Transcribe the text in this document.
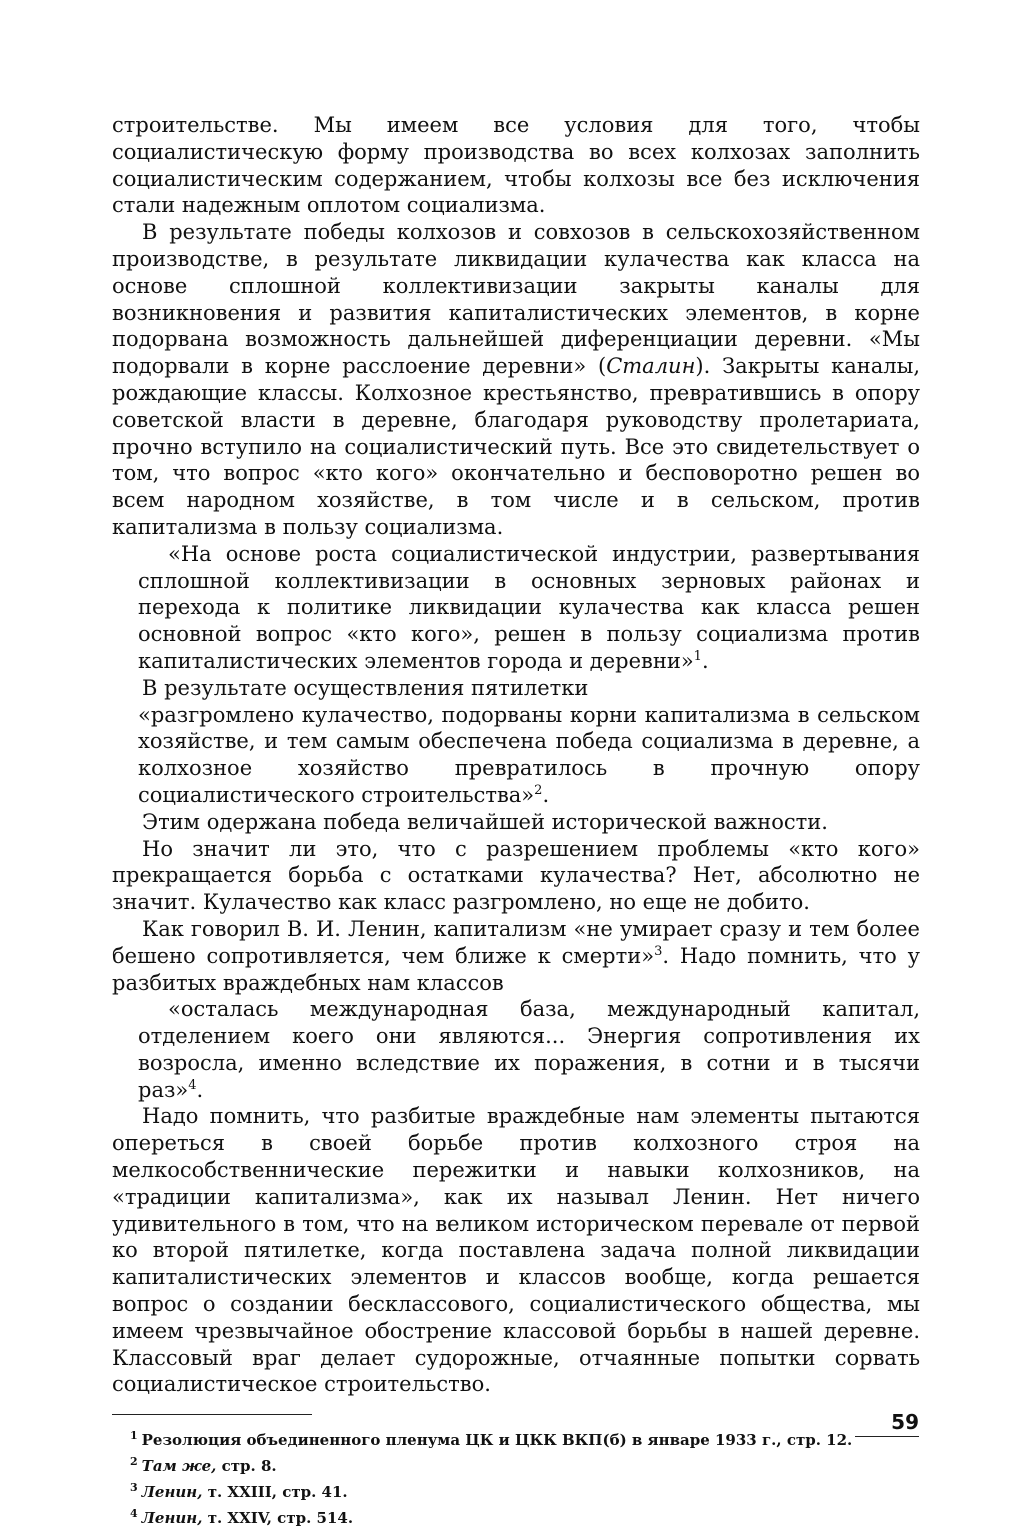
строительстве. Мы имеем все условия для того, чтобы социалистическую форму производства во всех колхозах заполнить социалистическим содержанием, чтобы колхозы все без исключения стали надежным оплотом социализма.

В результате победы колхозов и совхозов в сельскохозяйственном производстве, в результате ликвидации кулачества как класса на основе сплошной коллективизации закрыты каналы для возникновения и развития капиталистических элементов, в корне подорвана возможность дальнейшей диференциации деревни. «Мы подорвали в корне расслоение деревни» (Сталин). Закрыты каналы, рождающие классы. Колхозное крестьянство, превратившись в опору советской власти в деревне, благодаря руководству пролетариата, прочно вступило на социалистический путь. Все это свидетельствует о том, что вопрос «кто кого» окончательно и бесповоротно решен во всем народном хозяйстве, в том числе и в сельском, против капитализма в пользу социализма.

«На основе роста социалистической индустрии, развертывания сплошной коллективизации в основных зерновых районах и перехода к политике ликвидации кулачества как класса решен основной вопрос «кто кого», решен в пользу социализма против капиталистических элементов города и деревни»$^1$.

В результате осуществления пятилетки

«разгромлено кулачество, подорваны корни капитализма в сельском хозяйстве, и тем самым обеспечена победа социализма в деревне, а колхозное хозяйство превратилось в прочную опору социалистического строительства»$^2$.

Этим одержана победа величайшей исторической важности.

Но значит ли это, что с разрешением проблемы «кто кого» прекращается борьба с остатками кулачества? Нет, абсолютно не значит. Кулачество как класс разгромлено, но еще не добито.

Как говорил В. И. Ленин, капитализм «не умирает сразу и тем более бешено сопротивляется, чем ближе к смерти»$^3$. Надо помнить, что у разбитых враждебных нам классов

«осталась международная база, международный капитал, отделением коего они являются... Энергия сопротивления их возросла, именно вследствие их поражения, в сотни и в тысячи раз»$^4$.

Надо помнить, что разбитые враждебные нам элементы пытаются опереться в своей борьбе против колхозного строя на мелкособственнические пережитки и навыки колхозников, на «традиции капитализма», как их называл Ленин. Нет ничего удивительного в том, что на великом историческом перевале от первой ко второй пятилетке, когда поставлена задача полной ликвидации капиталистических элементов и классов вообще, когда решается вопрос о создании бесклассового, социалистического общества, мы имеем чрезвычайное обострение классовой борьбы в нашей деревне. Классовый враг делает судорожные, отчаянные попытки сорвать социалистическое строительство.

$^1$ Резолюция объединенного пленума ЦК и ЦКК ВКП(б) в январе 1933 г., стр. 12.

$^2$ Там же, стр. 8.

$^3$ Ленин, т. XXIII, стр. 41.

$^4$ Ленин, т. XXIV, стр. 514.

59
